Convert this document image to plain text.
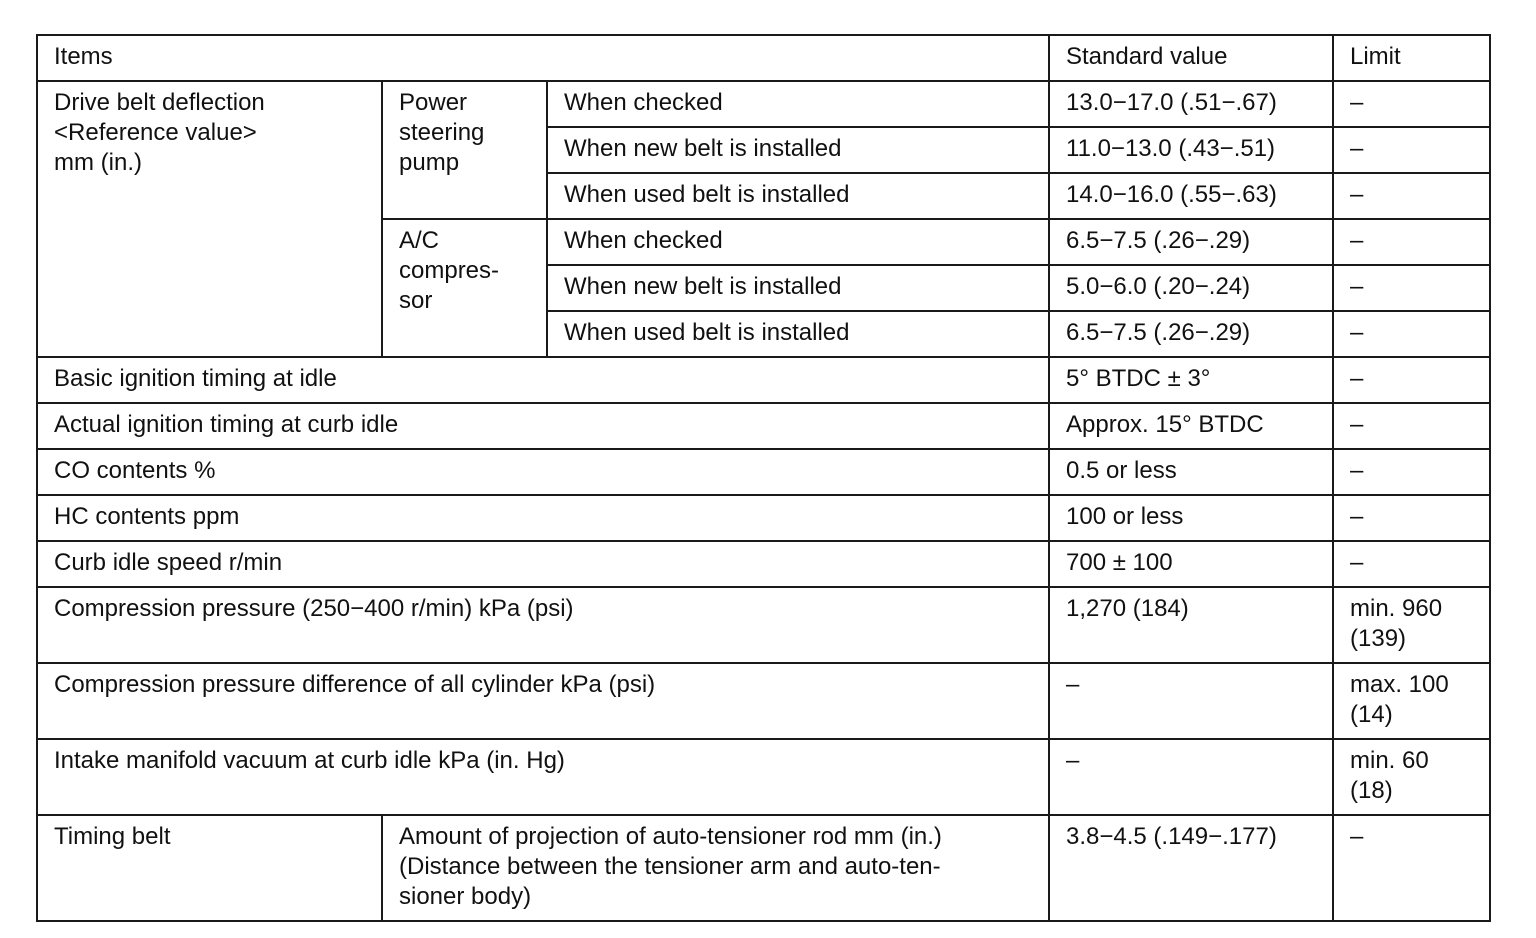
Items			Standard value	Limit
Drive belt deflection
<Reference value>
mm (in.)	Power
steering
pump	When checked	13.0−17.0 (.51−.67)	–
		When new belt is installed	11.0−13.0 (.43−.51)	–
		When used belt is installed	14.0−16.0 (.55−.63)	–
	A/C
compres-
sor	When checked	6.5−7.5 (.26−.29)	–
		When new belt is installed	5.0−6.0 (.20−.24)	–
		When used belt is installed	6.5−7.5 (.26−.29)	–
Basic ignition timing at idle			5° BTDC ± 3°	–
Actual ignition timing at curb idle			Approx. 15° BTDC	–
CO contents %			0.5 or less	–
HC contents ppm			100 or less	–
Curb idle speed r/min			700 ± 100	–
Compression pressure (250−400 r/min) kPa (psi)			1,270 (184)	min. 960
(139)
Compression pressure difference of all cylinder kPa (psi)			–	max. 100
(14)
Intake manifold vacuum at curb idle kPa (in. Hg)			–	min. 60
(18)
Timing belt	Amount of projection of auto-tensioner rod mm (in.)
(Distance between the tensioner arm and auto-ten-
sioner body)		3.8−4.5 (.149−.177)	–
